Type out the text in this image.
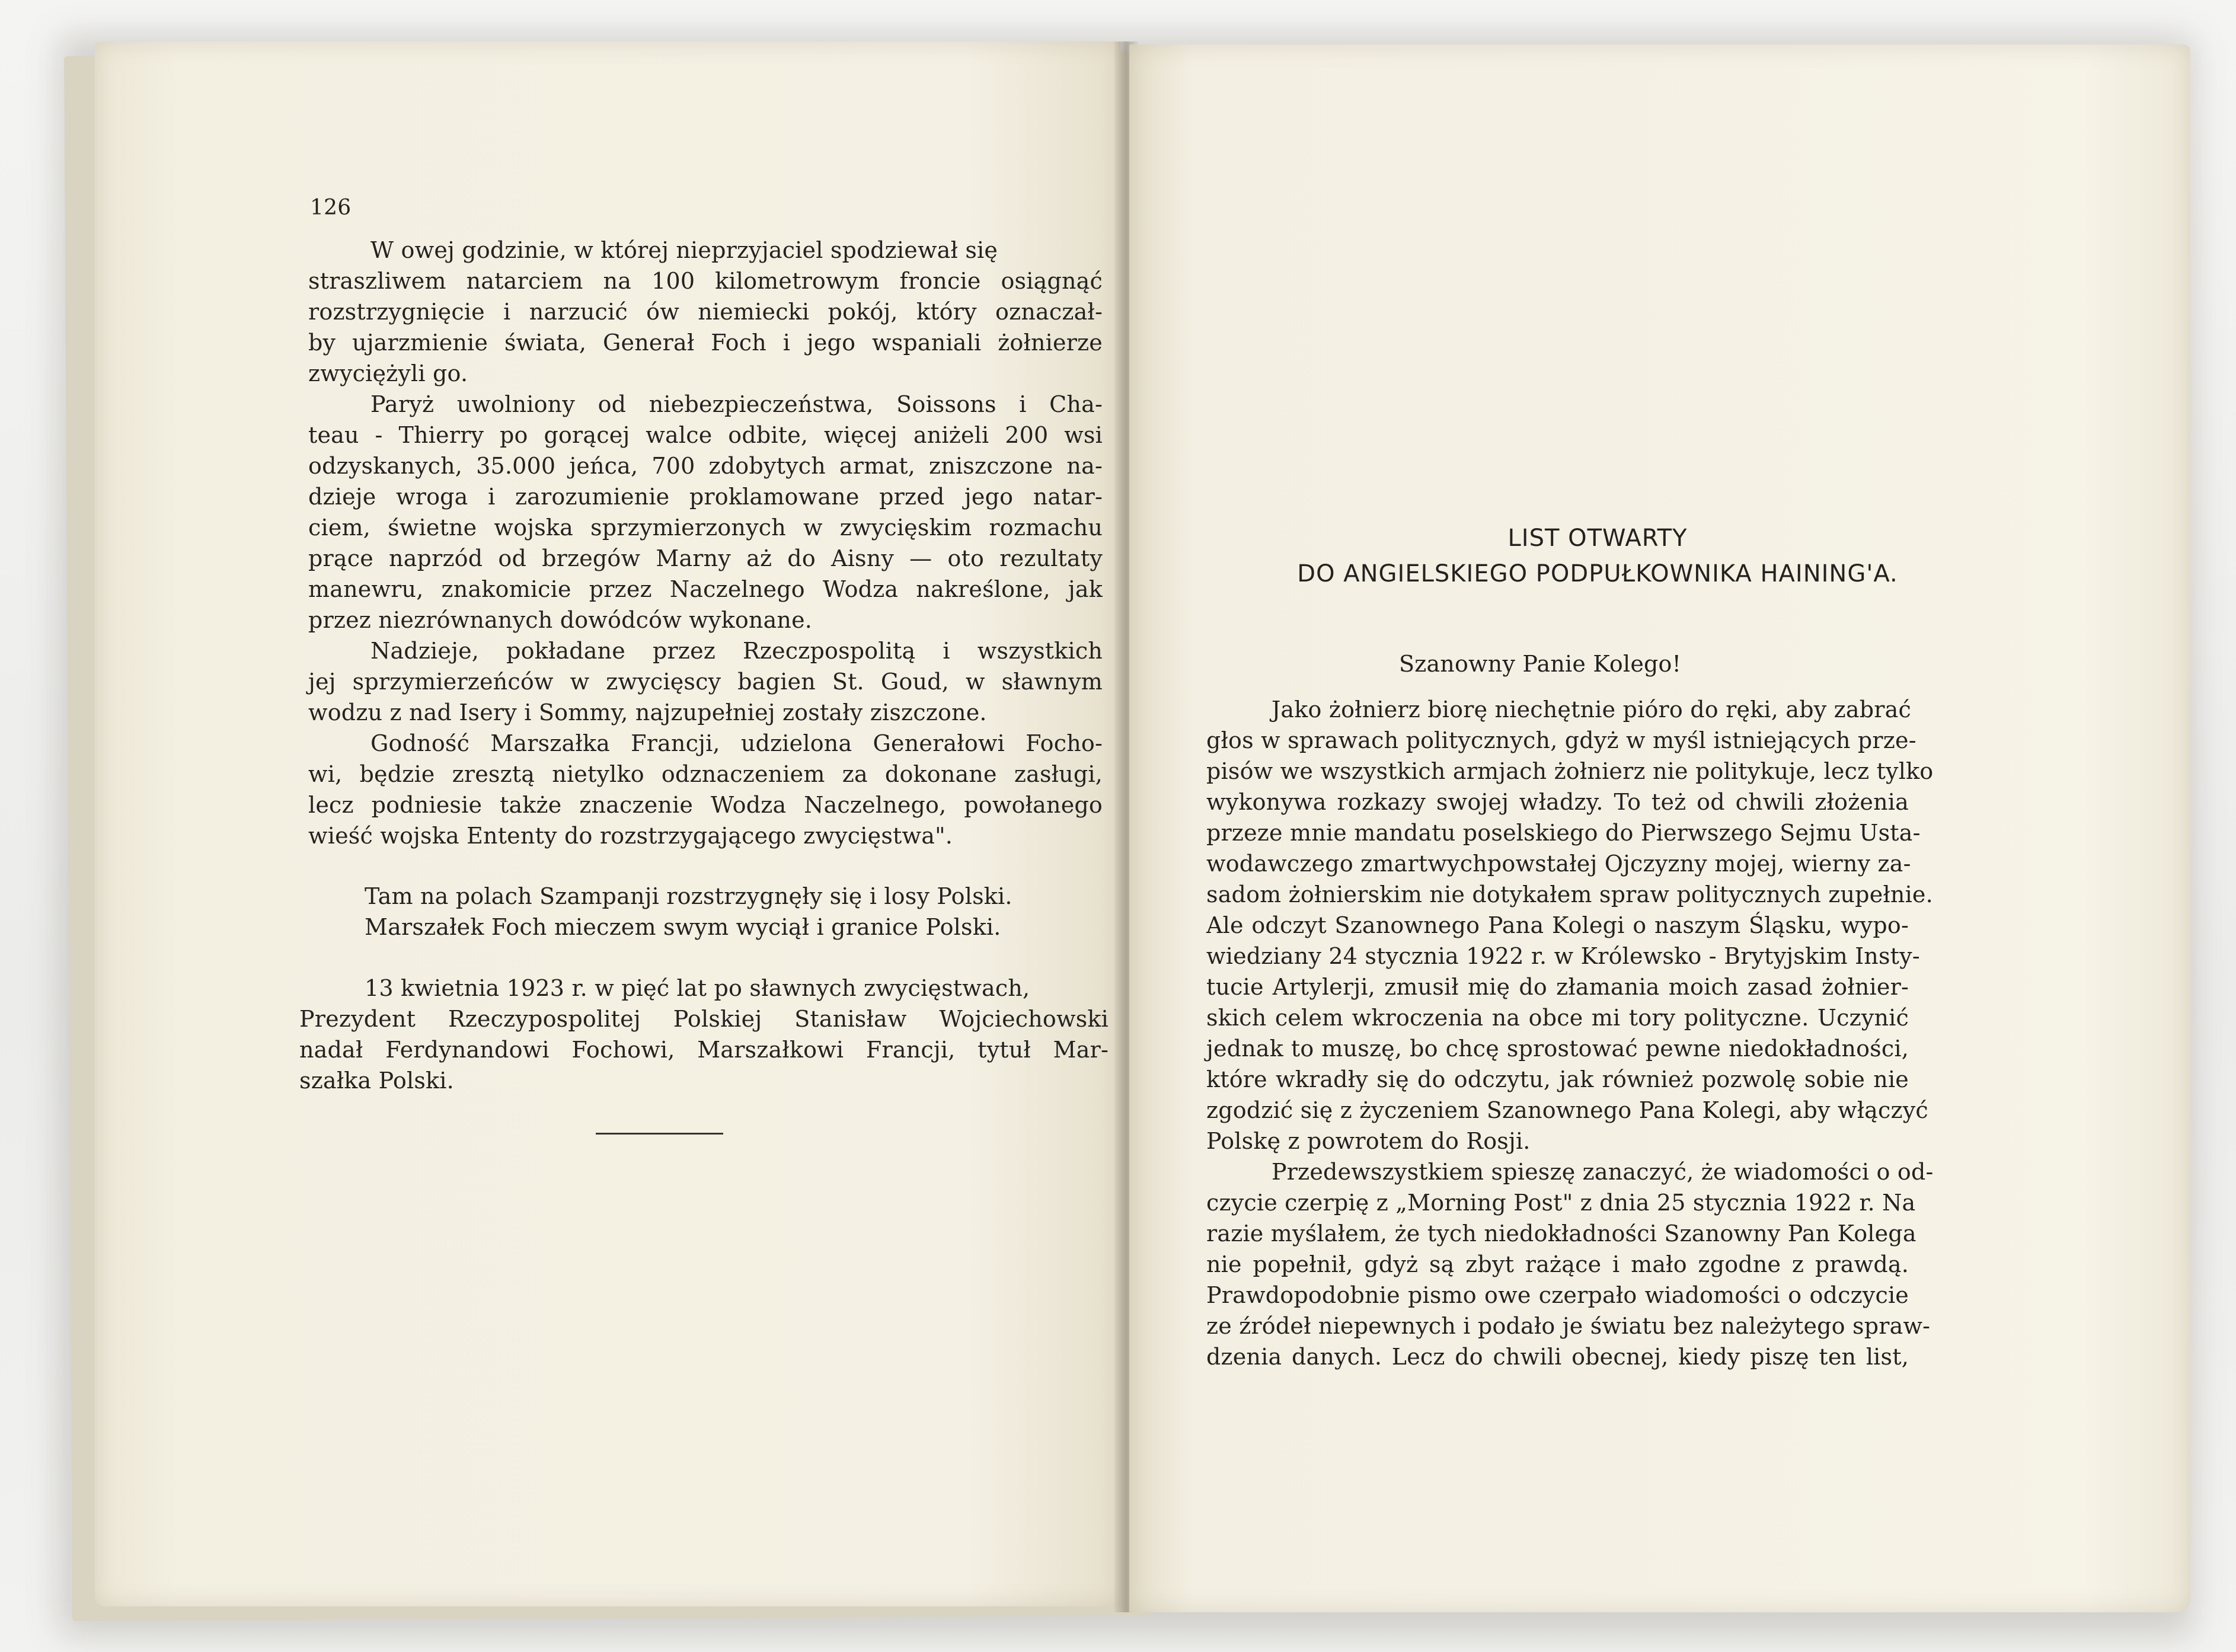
126
W owej godzinie, w której nieprzyjaciel spodziewał się
straszliwem natarciem na 100 kilometrowym froncie osiągnąć
rozstrzygnięcie i narzucić ów niemiecki pokój, który oznaczał-
by ujarzmienie świata, Generał Foch i jego wspaniali żołnierze
zwyciężyli go.
Paryż uwolniony od niebezpieczeństwa, Soissons i Cha-
teau - Thierry po gorącej walce odbite, więcej aniżeli 200 wsi
odzyskanych, 35.000 jeńca, 700 zdobytych armat, zniszczone na-
dzieje wroga i zarozumienie proklamowane przed jego natar-
ciem, świetne wojska sprzymierzonych w zwycięskim rozmachu
prące naprzód od brzegów Marny aż do Aisny — oto rezultaty
manewru, znakomicie przez Naczelnego Wodza nakreślone, jak
przez niezrównanych dowódców wykonane.
Nadzieje, pokładane przez Rzeczpospolitą i wszystkich
jej sprzymierzeńców w zwycięscy bagien St. Goud, w sławnym
wodzu z nad Isery i Sommy, najzupełniej zostały ziszczone.
Godność Marszałka Francji, udzielona Generałowi Focho-
wi, będzie zresztą nietylko odznaczeniem za dokonane zasługi,
lecz podniesie także znaczenie Wodza Naczelnego, powołanego
wieść wojska Ententy do rozstrzygającego zwycięstwa".
Tam na polach Szampanji rozstrzygnęły się i losy Polski.
Marszałek Foch mieczem swym wyciął i granice Polski.
13 kwietnia 1923 r. w pięć lat po sławnych zwycięstwach,
Prezydent Rzeczypospolitej Polskiej Stanisław Wojciechowski
nadał Ferdynandowi Fochowi, Marszałkowi Francji, tytuł Mar-
szałka Polski.
LIST OTWARTY
DO ANGIELSKIEGO PODPUŁKOWNIKA HAINING'A.
Szanowny Panie Kolego!
Jako żołnierz biorę niechętnie pióro do ręki, aby zabrać
głos w sprawach politycznych, gdyż w myśl istniejących prze-
pisów we wszystkich armjach żołnierz nie polityku​je, lecz tylko
wykonywa rozkazy swojej władzy. To też od chwili złożenia
przeze mnie mandatu poselskiego do Pierwszego Sejmu Usta-
wodawczego zmartwychpowstałej Ojczyzny mojej, wierny za-
sadom żołnierskim nie dotykałem spraw politycznych zupełnie.
Ale odczyt Szanownego Pana Kolegi o naszym Śląsku, wypo-
wiedziany 24 stycznia 1922 r. w Królewsko - Brytyjskim Insty-
tucie Artylerji, zmusił mię do złamania moich zasad żołnier-
skich celem wkroczenia na obce mi tory polityczne. Uczynić
jednak to muszę, bo chcę sprostować pewne niedokładności,
które wkradły się do odczytu, jak również pozwolę sobie nie
zgodzić się z życzeniem Szanownego Pana Kolegi, aby włączyć
Polskę z powrotem do Rosji.
Przedewszystkiem spieszę zanaczyć, że wiadomości o od-
czycie czerpię z „Morning Post" z dnia 25 stycznia 1922 r. Na
razie myślałem, że tych niedokładności Szanowny Pan Kolega
nie popełnił, gdyż są zbyt rażące i mało zgodne z prawdą.
Prawdopodobnie pismo owe czerpało wiadomości o odczycie
ze źródeł niepewnych i podało je światu bez należytego spraw-
dzenia danych. Lecz do chwili obecnej, kiedy piszę ten list,
